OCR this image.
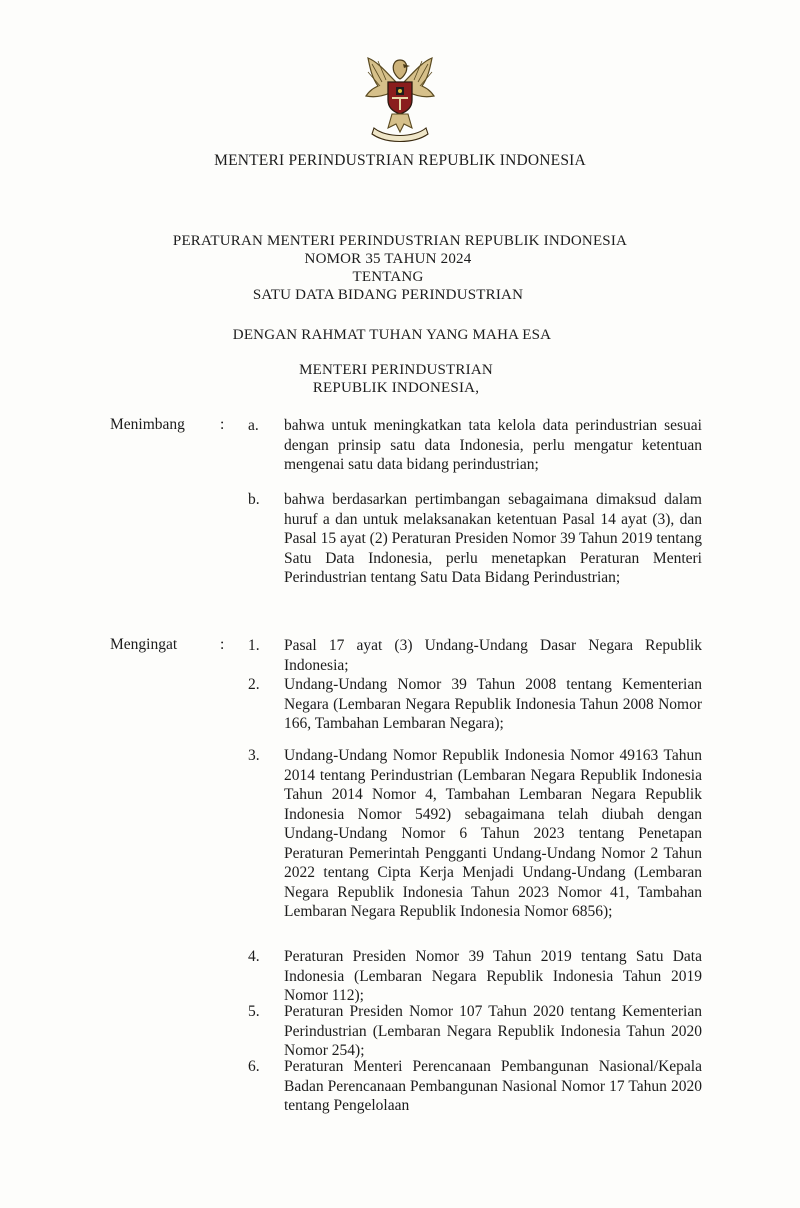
MENTERI PERINDUSTRIAN REPUBLIK INDONESIA
PERATURAN MENTERI PERINDUSTRIAN REPUBLIK INDONESIA
NOMOR 35 TAHUN 2024
TENTANG
SATU DATA BIDANG PERINDUSTRIAN
DENGAN RAHMAT TUHAN YANG MAHA ESA
MENTERI PERINDUSTRIAN
REPUBLIK INDONESIA,
Menimbang : a. bahwa untuk meningkatkan tata kelola data perindustrian sesuai dengan prinsip satu data Indonesia, perlu mengatur ketentuan mengenai satu data bidang perindustrian;
b. bahwa berdasarkan pertimbangan sebagaimana dimaksud dalam huruf a dan untuk melaksanakan ketentuan Pasal 14 ayat (3), dan Pasal 15 ayat (2) Peraturan Presiden Nomor 39 Tahun 2019 tentang Satu Data Indonesia, perlu menetapkan Peraturan Menteri Perindustrian tentang Satu Data Bidang Perindustrian;
Mengingat	: 1. Pasal 17 ayat (3) Undang-Undang Dasar Negara Republik Indonesia;
2. Undang-Undang Nomor 39 Tahun 2008 tentang Kementerian Negara (Lembaran Negara Republik Indonesia Tahun 2008 Nomor 166, Tambahan Lembaran Negara);
3. Undang-Undang Nomor Republik Indonesia Nomor 49163 Tahun 2014 tentang Perindustrian (Lembaran Negara Republik Indonesia Tahun 2014 Nomor 4, Tambahan Lembaran Negara Republik Indonesia Nomor 5492) sebagaimana telah diubah dengan Undang-Undang Nomor 6 Tahun 2023 tentang Penetapan Peraturan Pemerintah Pengganti Undang-Undang Nomor 2 Tahun 2022 tentang Cipta Kerja Menjadi Undang-Undang (Lembaran Negara Republik Indonesia Tahun 2023 Nomor 41, Tambahan Lembaran Negara Republik Indonesia Nomor 6856);
4. Peraturan Presiden Nomor 39 Tahun 2019 tentang Satu Data Indonesia (Lembaran Negara Republik Indonesia Tahun 2019 Nomor 112);
5. Peraturan Presiden Nomor 107 Tahun 2020 tentang Kementerian Perindustrian (Lembaran Negara Republik Indonesia Tahun 2020 Nomor 254);
6. Peraturan Menteri Perencanaan Pembangunan Nasional/Kepala Badan Perencanaan Pembangunan Nasional Nomor 17 Tahun 2020 tentang Pengelolaan
